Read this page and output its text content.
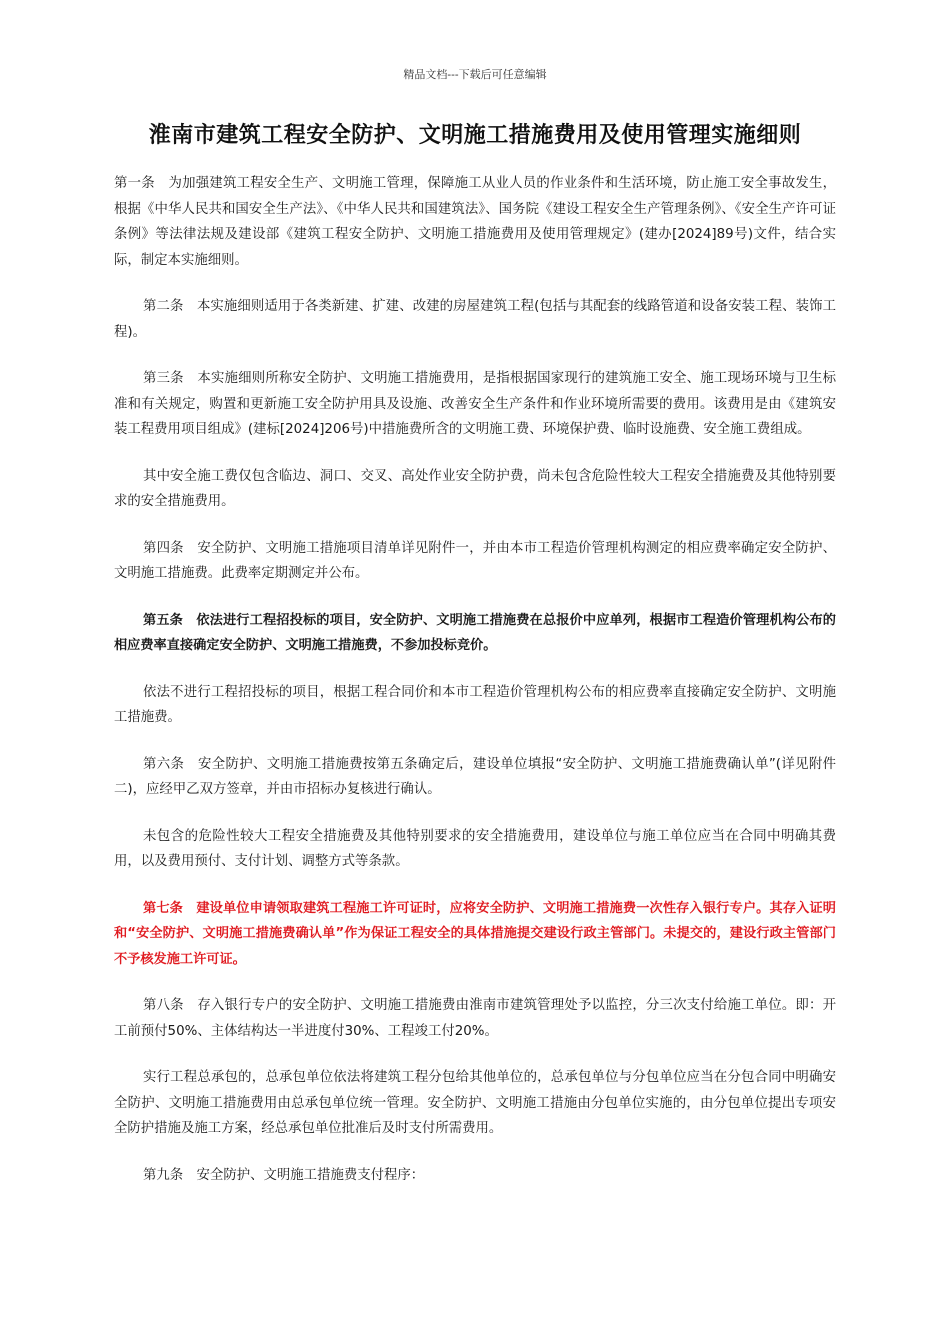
精品文档---下载后可任意编辑
淮南市建筑工程安全防护、文明施工措施费用及使用管理实施细则

第一条　为加强建筑工程安全生产、文明施工管理，保障施工从业人员的作业条件和生活环境，防止施工安全事故发生，根据《中华人民共和国安全生产法》、《中华人民共和国建筑法》、国务院《建设工程安全生产管理条例》、《安全生产许可证条例》等法律法规及建设部《建筑工程安全防护、文明施工措施费用及使用管理规定》(建办[2024]89号)文件，结合实际，制定本实施细则。

第二条　本实施细则适用于各类新建、扩建、改建的房屋建筑工程(包括与其配套的线路管道和设备安装工程、装饰工程)。

第三条　本实施细则所称安全防护、文明施工措施费用，是指根据国家现行的建筑施工安全、施工现场环境与卫生标准和有关规定，购置和更新施工安全防护用具及设施、改善安全生产条件和作业环境所需要的费用。该费用是由《建筑安装工程费用项目组成》(建标[2024]206号)中措施费所含的文明施工费、环境保护费、临时设施费、安全施工费组成。

其中安全施工费仅包含临边、洞口、交叉、高处作业安全防护费，尚未包含危险性较大工程安全措施费及其他特别要求的安全措施费用。

第四条　安全防护、文明施工措施项目清单详见附件一，并由本市工程造价管理机构测定的相应费率确定安全防护、文明施工措施费。此费率定期测定并公布。

第五条　依法进行工程招投标的项目，安全防护、文明施工措施费在总报价中应单列，根据市工程造价管理机构公布的相应费率直接确定安全防护、文明施工措施费，不参加投标竞价。

依法不进行工程招投标的项目，根据工程合同价和本市工程造价管理机构公布的相应费率直接确定安全防护、文明施工措施费。

第六条　安全防护、文明施工措施费按第五条确定后，建设单位填报“安全防护、文明施工措施费确认单”(详见附件二)，应经甲乙双方签章，并由市招标办复核进行确认。

未包含的危险性较大工程安全措施费及其他特别要求的安全措施费用，建设单位与施工单位应当在合同中明确其费用，以及费用预付、支付计划、调整方式等条款。

第七条　建设单位申请领取建筑工程施工许可证时，应将安全防护、文明施工措施费一次性存入银行专户。其存入证明和“安全防护、文明施工措施费确认单”作为保证工程安全的具体措施提交建设行政主管部门。未提交的，建设行政主管部门不予核发施工许可证。

第八条　存入银行专户的安全防护、文明施工措施费由淮南市建筑管理处予以监控，分三次支付给施工单位。即：开工前预付50%、主体结构达一半进度付30%、工程竣工付20%。

实行工程总承包的，总承包单位依法将建筑工程分包给其他单位的，总承包单位与分包单位应当在分包合同中明确安全防护、文明施工措施费用由总承包单位统一管理。安全防护、文明施工措施由分包单位实施的，由分包单位提出专项安全防护措施及施工方案，经总承包单位批准后及时支付所需费用。

第九条　安全防护、文明施工措施费支付程序：
